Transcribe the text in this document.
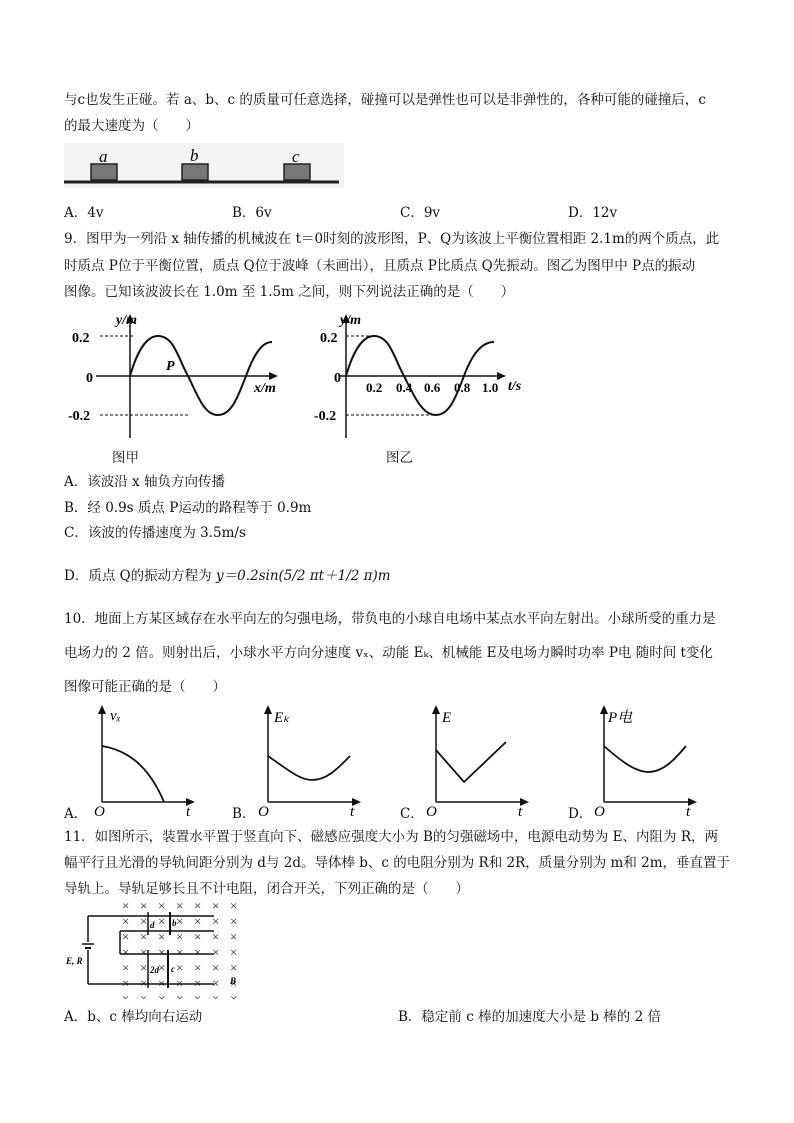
与c也发生正碰。若 a、b、c 的质量可任意选择，碰撞可以是弹性也可以是非弹性的，各种可能的碰撞后，c
的最大速度为（　　）
a	b	c
A．4v	B．6v	C．9v	D．12v
9．图甲为一列沿 x 轴传播的机械波在 t＝0时刻的波形图，P、Q为该波上平衡位置相距 2.1m的两个质点，此
时质点 P位于平衡位置，质点 Q位于波峰（未画出），且质点 P比质点 Q先振动。图乙为图甲中 P点的振动
图像。已知该波波长在 1.0m 至 1.5m 之间，则下列说法正确的是（　　）
y/m
0.2
0
-0.2
P
x/m
图甲
y/m
0.2
0
-0.2
0.2 0.4 0.6 0.8 1.0 t/s
图乙
A．该波沿 x 轴负方向传播
B．经 0.9s 质点 P运动的路程等于 0.9m
C．该波的传播速度为 3.5m/s
D．质点 Q的振动方程为 y＝0.2sin(5/2 πt＋1/2 π)m
10．地面上方某区域存在水平向左的匀强电场，带负电的小球自电场中某点水平向左射出。小球所受的重力是
电场力的 2 倍。则射出后，小球水平方向分速度 vₓ、动能 Eₖ、机械能 E及电场力瞬时功率 P电 随时间 t变化
图像可能正确的是（　　）
A．
vₓ
O	t	B．
Eₖ
O	t	C．
E
O	t	D．
P电
O	t
11．如图所示，装置水平置于竖直向下、磁感应强度大小为 B的匀强磁场中，电源电动势为 E、内阻为 R，两
幅平行且光滑的导轨间距分别为 d与 2d。导体棒 b、c 的电阻分别为 R和 2R，质量分别为 m和 2m，垂直置于
导轨上。导轨足够长且不计电阻，闭合开关，下列正确的是（　　）
d b
2d c
B
E, R
A．b、c 棒均向右运动	B．稳定前 c 棒的加速度大小是 b 棒的 2 倍
